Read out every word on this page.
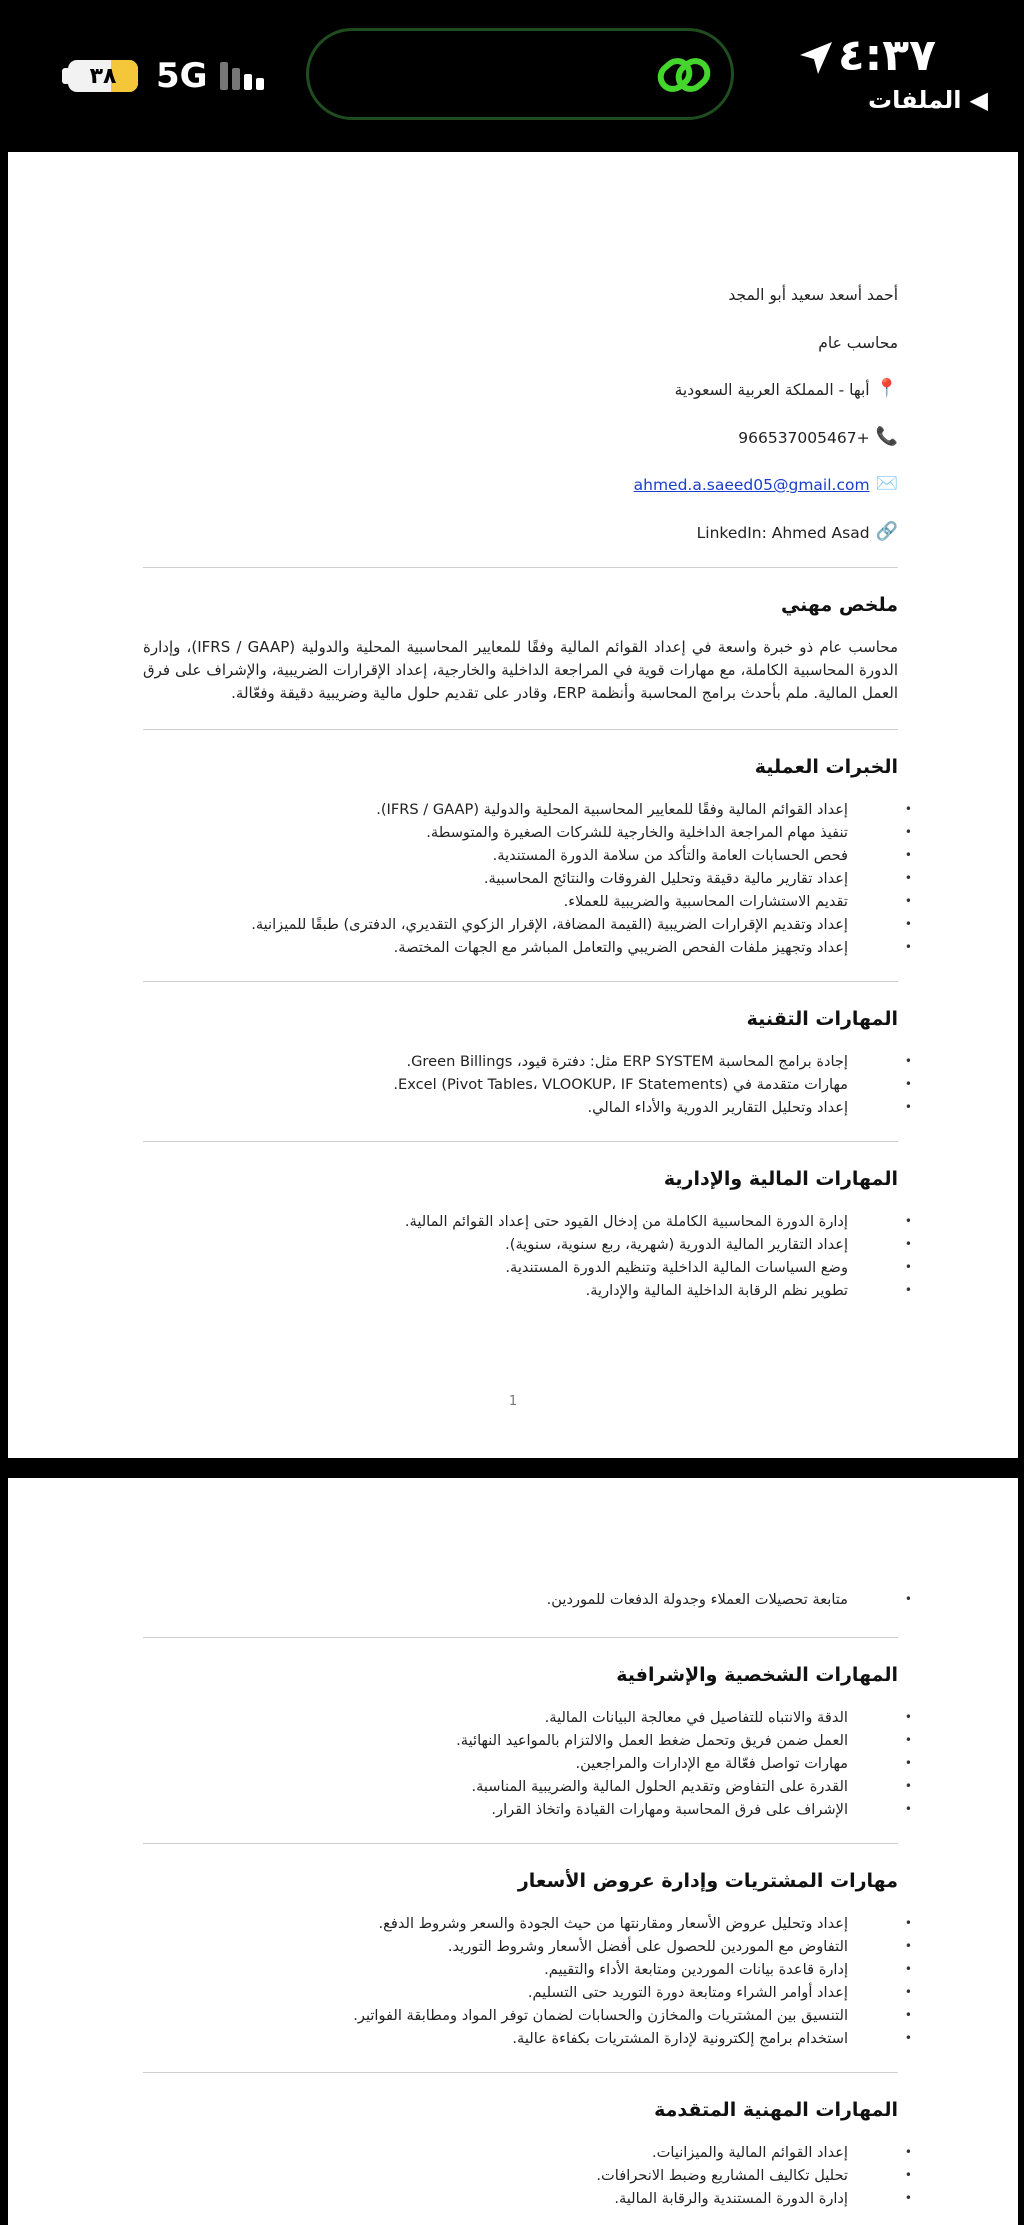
٣٨	5G	٤:٣٧
◀
الملفات
أحمد أسعد سعيد أبو المجد
محاسب عام
📍
أبها - المملكة العربية السعودية
📞
966537005467+
✉️
ahmed.a.saeed05@gmail.com
🔗
LinkedIn: Ahmed Asad
ملخص مهني

محاسب عام ذو خبرة واسعة في إعداد القوائم المالية وفقًا للمعايير المحاسبية المحلية والدولية (IFRS / GAAP)، وإدارة الدورة المحاسبية الكاملة، مع مهارات قوية في المراجعة الداخلية والخارجية، إعداد الإقرارات الضريبية، والإشراف على فرق العمل المالية. ملم بأحدث برامج المحاسبة وأنظمة ERP، وقادر على تقديم حلول مالية وضريبية دقيقة وفعّالة.

الخبرات العملية
• إعداد القوائم المالية وفقًا للمعايير المحاسبية المحلية والدولية (IFRS / GAAP).
• تنفيذ مهام المراجعة الداخلية والخارجية للشركات الصغيرة والمتوسطة.
• فحص الحسابات العامة والتأكد من سلامة الدورة المستندية.
• إعداد تقارير مالية دقيقة وتحليل الفروقات والنتائج المحاسبية.
• تقديم الاستشارات المحاسبية والضريبية للعملاء.
• إعداد وتقديم الإقرارات الضريبية (القيمة المضافة، الإقرار الزكوي التقديري، الدفترى) طبقًا للميزانية.
• إعداد وتجهيز ملفات الفحص الضريبي والتعامل المباشر مع الجهات المختصة.
المهارات التقنية
• إجادة برامج المحاسبة ERP SYSTEM مثل: دفترة قيود، Green Billings.
• مهارات متقدمة في Excel (Pivot Tables، VLOOKUP، IF Statements).
• إعداد وتحليل التقارير الدورية والأداء المالي.
المهارات المالية والإدارية
• إدارة الدورة المحاسبية الكاملة من إدخال القيود حتى إعداد القوائم المالية.
• إعداد التقارير المالية الدورية (شهرية، ربع سنوية، سنوية).
• وضع السياسات المالية الداخلية وتنظيم الدورة المستندية.
• تطوير نظم الرقابة الداخلية المالية والإدارية.
1
• متابعة تحصيلات العملاء وجدولة الدفعات للموردين.
المهارات الشخصية والإشرافية
• الدقة والانتباه للتفاصيل في معالجة البيانات المالية.
• العمل ضمن فريق وتحمل ضغط العمل والالتزام بالمواعيد النهائية.
• مهارات تواصل فعّالة مع الإدارات والمراجعين.
• القدرة على التفاوض وتقديم الحلول المالية والضريبية المناسبة.
• الإشراف على فرق المحاسبة ومهارات القيادة واتخاذ القرار.
مهارات المشتريات وإدارة عروض الأسعار
• إعداد وتحليل عروض الأسعار ومقارنتها من حيث الجودة والسعر وشروط الدفع.
• التفاوض مع الموردين للحصول على أفضل الأسعار وشروط التوريد.
• إدارة قاعدة بيانات الموردين ومتابعة الأداء والتقييم.
• إعداد أوامر الشراء ومتابعة دورة التوريد حتى التسليم.
• التنسيق بين المشتريات والمخازن والحسابات لضمان توفر المواد ومطابقة الفواتير.
• استخدام برامج إلكترونية لإدارة المشتريات بكفاءة عالية.
المهارات المهنية المتقدمة
• إعداد القوائم المالية والميزانيات.
• تحليل تكاليف المشاريع وضبط الانحرافات.
• إدارة الدورة المستندية والرقابة المالية.
